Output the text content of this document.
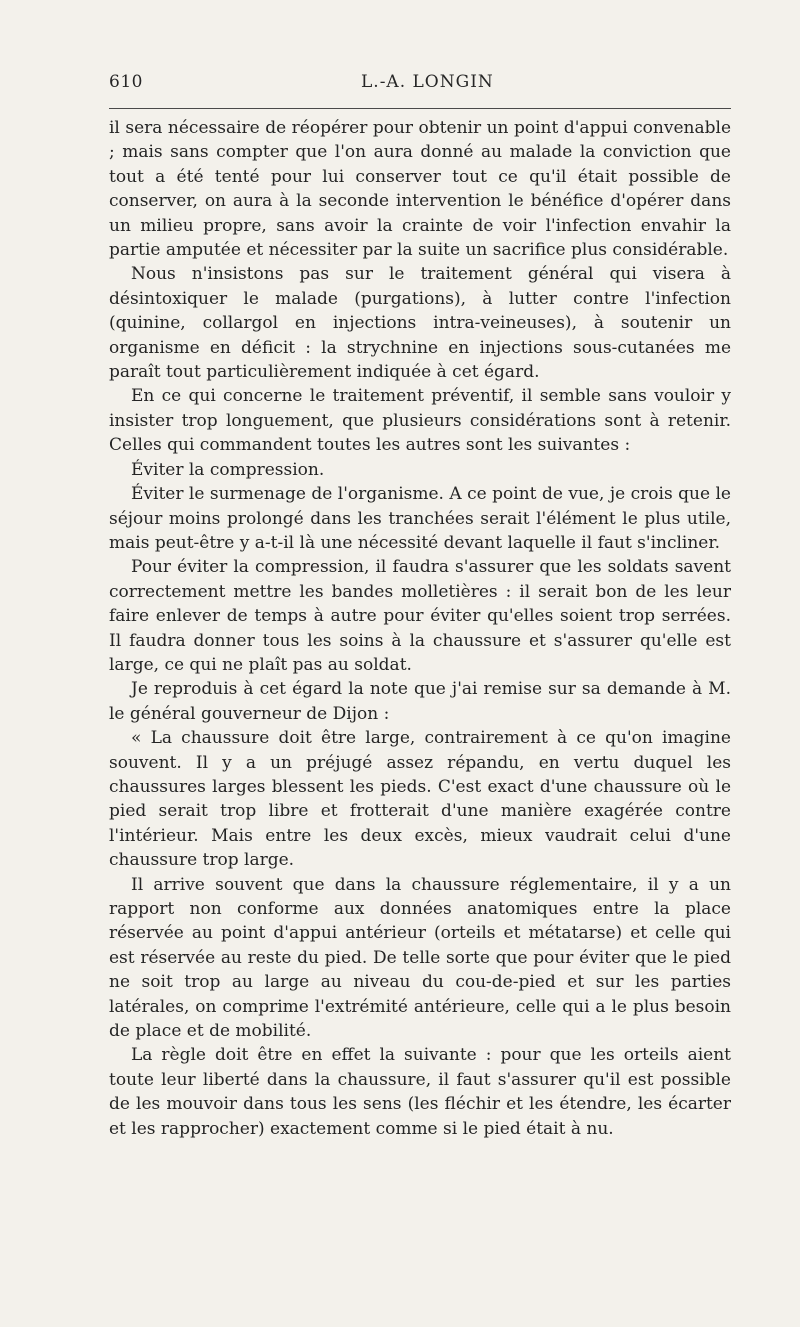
610	L.-A. LONGIN

il sera nécessaire de réopérer pour obtenir un point d'appui convenable ; mais sans compter que l'on aura donné au malade la conviction que tout a été tenté pour lui conserver tout ce qu'il était possible de conserver, on aura à la seconde intervention le bénéfice d'opérer dans un milieu propre, sans avoir la crainte de voir l'infection envahir la partie amputée et nécessiter par la suite un sacrifice plus considérable.

Nous n'insistons pas sur le traitement général qui visera à désintoxiquer le malade (purgations), à lutter contre l'infection (quinine, collargol en injections intra-veineuses), à soutenir un organisme en déficit : la strychnine en injections sous-cutanées me paraît tout particulièrement indiquée à cet égard.

En ce qui concerne le traitement préventif, il semble sans vouloir y insister trop longuement, que plusieurs considérations sont à retenir. Celles qui commandent toutes les autres sont les suivantes :

Éviter la compression.

Éviter le surmenage de l'organisme. A ce point de vue, je crois que le séjour moins prolongé dans les tranchées serait l'élément le plus utile, mais peut-être y a-t-il là une nécessité devant laquelle il faut s'incliner.

Pour éviter la compression, il faudra s'assurer que les soldats savent correctement mettre les bandes molletières : il serait bon de les leur faire enlever de temps à autre pour éviter qu'elles soient trop serrées. Il faudra donner tous les soins à la chaussure et s'assurer qu'elle est large, ce qui ne plaît pas au soldat.

Je reproduis à cet égard la note que j'ai remise sur sa demande à M. le général gouverneur de Dijon :

« La chaussure doit être large, contrairement à ce qu'on imagine souvent. Il y a un préjugé assez répandu, en vertu duquel les chaussures larges blessent les pieds. C'est exact d'une chaussure où le pied serait trop libre et frotterait d'une manière exagérée contre l'intérieur. Mais entre les deux excès, mieux vaudrait celui d'une chaussure trop large.

Il arrive souvent que dans la chaussure réglementaire, il y a un rapport non conforme aux données anatomiques entre la place réservée au point d'appui antérieur (orteils et métatarse) et celle qui est réservée au reste du pied. De telle sorte que pour éviter que le pied ne soit trop au large au niveau du cou-de-pied et sur les parties latérales, on comprime l'extrémité antérieure, celle qui a le plus besoin de place et de mobilité.

La règle doit être en effet la suivante : pour que les orteils aient toute leur liberté dans la chaussure, il faut s'assurer qu'il est possible de les mouvoir dans tous les sens (les fléchir et les étendre, les écarter et les rapprocher) exactement comme si le pied était à nu.
